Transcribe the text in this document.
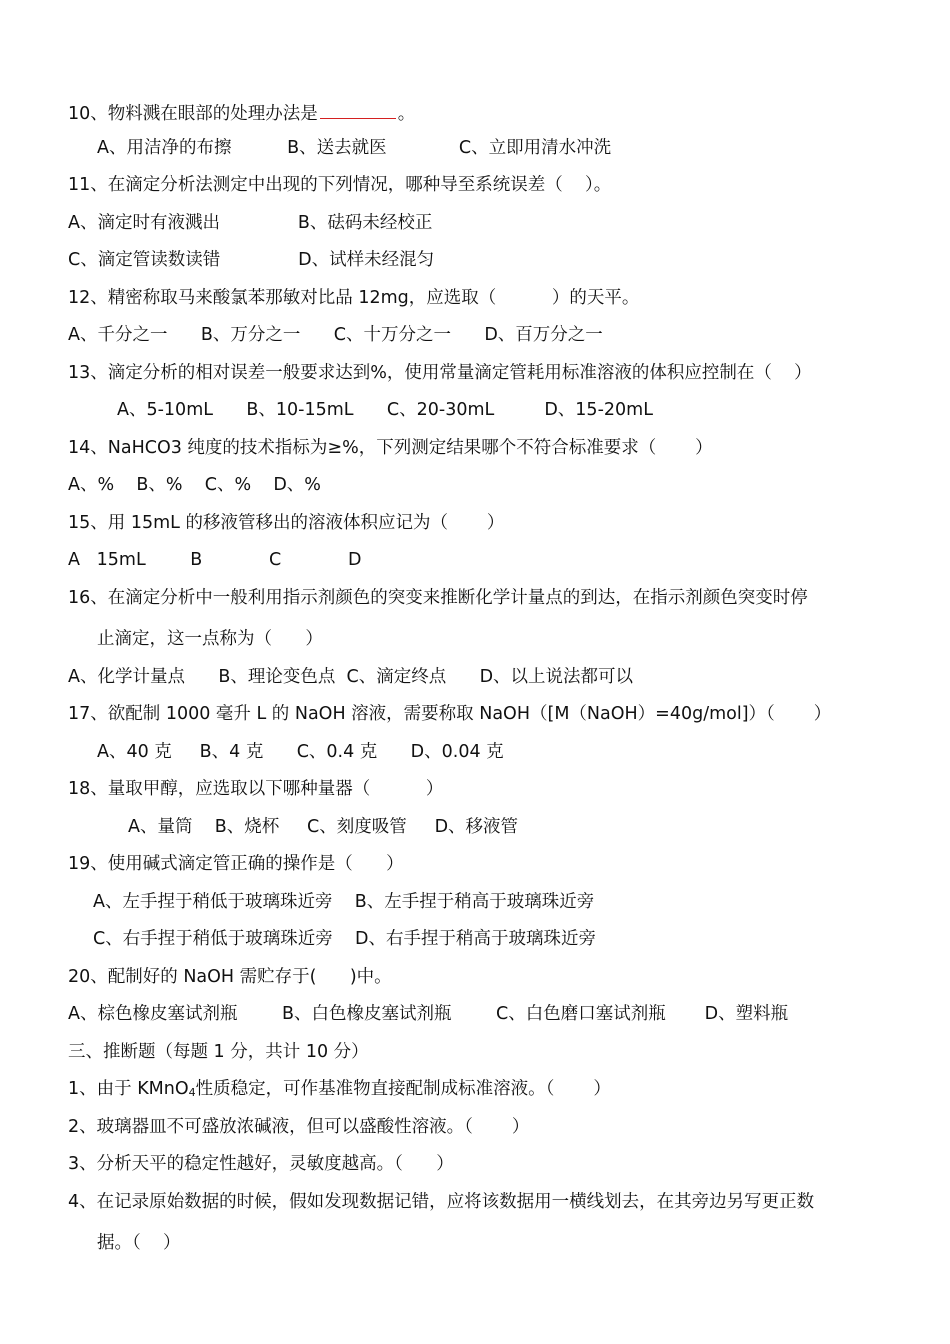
10、物料溅在眼部的处理办法是	。
A、用洁净的布擦          B、送去就医             C、立即用清水冲洗
11、在滴定分析法测定中出现的下列情况，哪种导至系统误差（    ）。
A、滴定时有液溅出              B、砝码未经校正
C、滴定管读数读错              D、试样未经混匀
12、精密称取马来酸氯苯那敏对比品 12mg，应选取（          ）的天平。
A、千分之一      B、万分之一      C、十万分之一      D、百万分之一
13、滴定分析的相对误差一般要求达到%，使用常量滴定管耗用标准溶液的体积应控制在（    ）
A、5-10mL      B、10-15mL      C、20-30mL         D、15-20mL
14、NaHCO3 纯度的技术指标为≥%，下列测定结果哪个不符合标准要求（       ）
A、%    B、%    C、%    D、%
15、用 15mL 的移液管移出的溶液体积应记为（       ）
A   15mL        B            C            D
16、在滴定分析中一般利用指示剂颜色的突变来推断化学计量点的到达，在指示剂颜色突变时停
止滴定，这一点称为（      ）
A、化学计量点      B、理论变色点  C、滴定终点      D、以上说法都可以
17、欲配制 1000 毫升 L 的 NaOH 溶液，需要称取 NaOH（[M（NaOH）=40g/mol]）（       ）
A、40 克     B、4 克      C、0.4 克      D、0.04 克
18、量取甲醇，应选取以下哪种量器（          ）
A、量筒    B、烧杯     C、刻度吸管     D、移液管
19、使用碱式滴定管正确的操作是（      ）
A、左手捏于稍低于玻璃珠近旁    B、左手捏于稍高于玻璃珠近旁
C、右手捏于稍低于玻璃珠近旁    D、右手捏于稍高于玻璃珠近旁
20、配制好的 NaOH 需贮存于(      )中。
A、棕色橡皮塞试剂瓶        B、白色橡皮塞试剂瓶        C、白色磨口塞试剂瓶       D、塑料瓶
三、推断题（每题 1 分，共计 10 分）
1、由于 KMnO4性质稳定，可作基准物直接配制成标准溶液。（       ）
2、玻璃器皿不可盛放浓碱液，但可以盛酸性溶液。（       ）
3、分析天平的稳定性越好，灵敏度越高。（      ）
4、在记录原始数据的时候，假如发现数据记错，应将该数据用一横线划去，在其旁边另写更正数
据。（    ）
